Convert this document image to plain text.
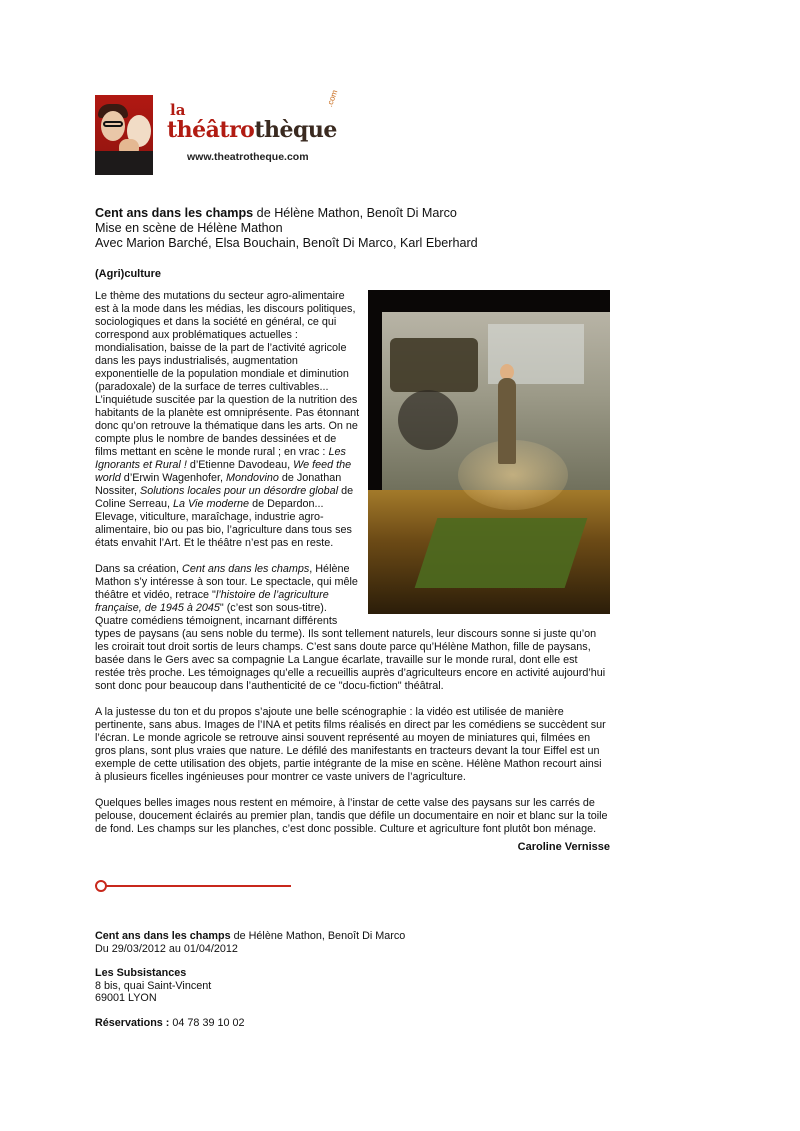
la
théâtrothèque
.com
www.theatrotheque.com
Cent ans dans les champs de Hélène Mathon, Benoît Di Marco
Mise en scène de Hélène Mathon
Avec Marion Barché, Elsa Bouchain, Benoît Di Marco, Karl Eberhard
(Agri)culture

Le thème des mutations du secteur agro-alimentaire est à la mode dans les médias, les discours politiques, sociologiques et dans la société en général, ce qui correspond aux problématiques actuelles : mondialisation, baisse de la part de l’activité agricole dans les pays industrialisés, augmentation exponentielle de la population mondiale et diminution (paradoxale) de la surface de terres cultivables... L’inquiétude suscitée par la question de la nutrition des habitants de la planète est omniprésente. Pas étonnant donc qu’on retrouve la thématique dans les arts. On ne compte plus le nombre de bandes dessinées et de films mettant en scène le monde rural ; en vrac : Les Ignorants et Rural ! d’Etienne Davodeau, We feed the world d’Erwin Wagenhofer, Mondovino de Jonathan Nossiter, Solutions locales pour un désordre global de Coline Serreau, La Vie moderne de Depardon... Elevage, viticulture, maraîchage, industrie agro-alimentaire, bio ou pas bio, l’agriculture dans tous ses états envahit l’Art. Et le théâtre n’est pas en reste.

Dans sa création, Cent ans dans les champs, Hélène Mathon s’y intéresse à son tour. Le spectacle, qui mêle théâtre et vidéo, retrace "l’histoire de l’agriculture française, de 1945 à 2045" (c’est son sous-titre). Quatre comédiens témoignent, incarnant différents types de paysans (au sens noble du terme). Ils sont tellement naturels, leur discours sonne si juste qu’on les croirait tout droit sortis de leurs champs. C’est sans doute parce qu’Hélène Mathon, fille de paysans, basée dans le Gers avec sa compagnie La Langue écarlate, travaille sur le monde rural, dont elle est restée très proche. Les témoignages qu’elle a recueillis auprès d’agriculteurs encore en activité aujourd’hui sont donc pour beaucoup dans l’authenticité de ce "docu-fiction" théâtral.

A la justesse du ton et du propos s’ajoute une belle scénographie : la vidéo est utilisée de manière pertinente, sans abus. Images de l’INA et petits films réalisés en direct par les comédiens se succèdent sur l’écran. Le monde agricole se retrouve ainsi souvent représenté au moyen de miniatures qui, filmées en gros plans, sont plus vraies que nature. Le défilé des manifestants en tracteurs devant la tour Eiffel est un exemple de cette utilisation des objets, partie intégrante de la mise en scène. Hélène Mathon recourt ainsi à plusieurs ficelles ingénieuses pour montrer ce vaste univers de l’agriculture.

Quelques belles images nous restent en mémoire, à l’instar de cette valse des paysans sur les carrés de pelouse, doucement éclairés au premier plan, tandis que défile un documentaire en noir et blanc sur la toile de fond. Les champs sur les planches, c’est donc possible. Culture et agriculture font plutôt bon ménage.

Caroline Vernisse
Cent ans dans les champs de Hélène Mathon, Benoît Di Marco
Du 29/03/2012 au 01/04/2012
Les Subsistances
8 bis, quai Saint-Vincent
69001 LYON
Réservations : 04 78 39 10 02
